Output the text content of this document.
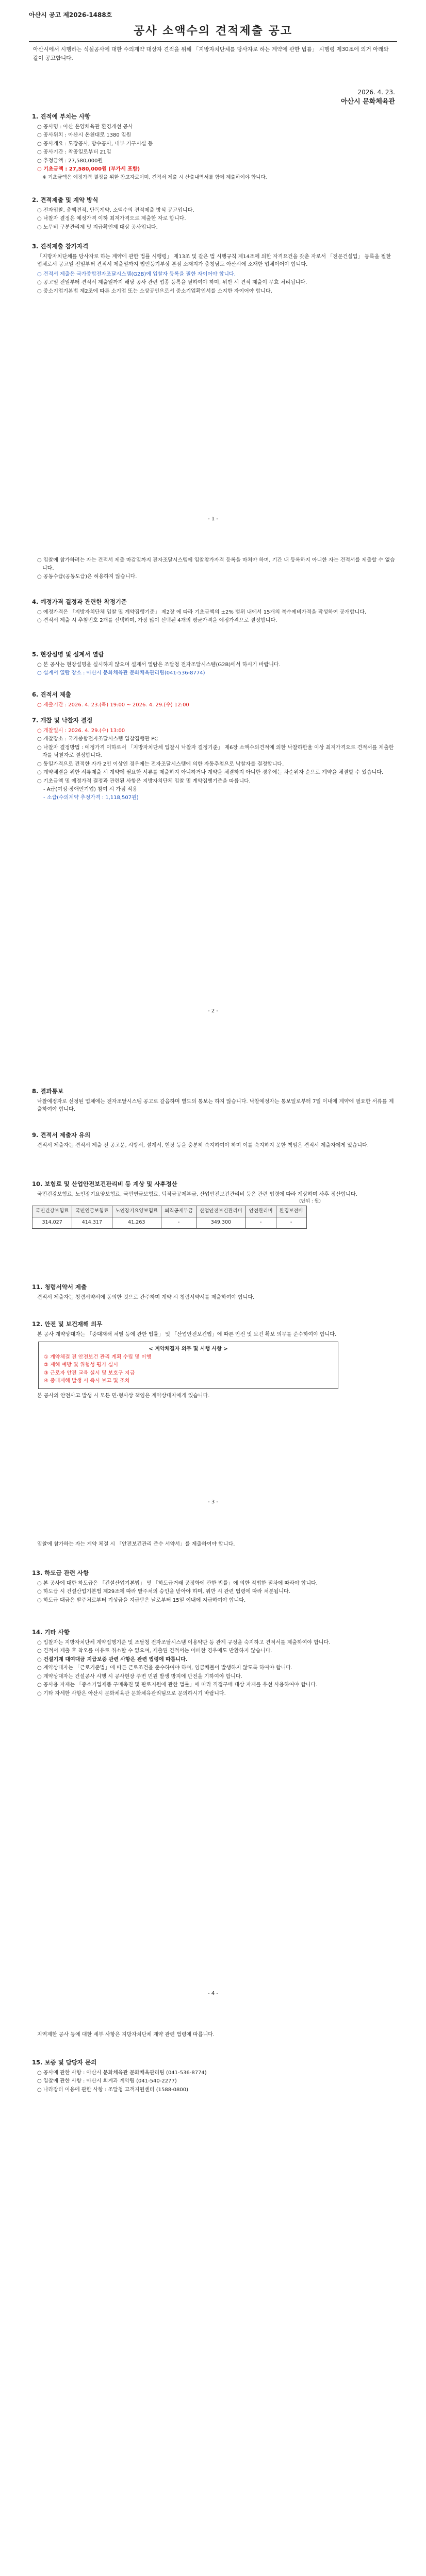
아산시 공고 제2026-1488호
공사 소액수의 견적제출 공고
아산시에서 시행하는 식설공사에 대한 수의계약 대상자 견적을 위해 「지방자치단체를 당사자로 하는 계약에 관한 법률」 시행령 제30조에 의거 아래와 같이 공고합니다.
2026. 4. 23.
아산시 문화체육관
1. 견적에 부치는 사항
○ 공사명 : 아산 온양체육관 환경개선 공사
○ 공사위치 : 아산시 온천대로 1380 일원
○ 공사개요 : 도장공사, 방수공사, 내부 기구시설 등
○ 공사기간 : 착공일로부터 21일
○ 추정금액 : 27,580,000원
○ 기초금액 : 27,580,000원 (부가세 포함)

※ 기초금액은 예정가격 결정을 위한 참고자료이며, 견적서 제출 시 산출내역서를 함께 제출하여야 합니다.

2. 견적제출 및 계약 방식
○ 전자입찰, 총액견적, 단독계약, 소액수의 견적제출 방식 공고입니다.
○ 낙찰자 결정은 예정가격 이하 최저가격으로 제출한 자로 합니다.
○ 노무비 구분관리제 및 지급확인제 대상 공사입니다.
3. 견적제출 참가자격

「지방자치단체를 당사자로 하는 계약에 관한 법률 시행령」 제13조 및 같은 법 시행규칙 제14조에 의한 자격요건을 갖춘 자로서 「전문건설업」 등록을 필한 업체로서 공고일 전일부터 견적서 제출일까지 법인등기부상 본점 소재지가 충청남도 아산시에 소재한 업체이어야 합니다.

○ 견적서 제출은 국가종합전자조달시스템(G2B)에 입찰자 등록을 필한 자이어야 합니다.
○ 공고일 전일부터 견적서 제출일까지 해당 공사 관련 업종 등록을 필하여야 하며, 위반 시 견적 제출이 무효 처리됩니다.
○ 중소기업기본법 제2조에 따른 소기업 또는 소상공인으로서 중소기업확인서를 소지한 자이어야 합니다.
- 1 -
○ 입찰에 참가하려는 자는 견적서 제출 마감일까지 전자조달시스템에 입찰참가자격 등록을 마쳐야 하며, 기간 내 등록하지 아니한 자는 견적서를 제출할 수 없습니다.
○ 공동수급(공동도급)은 허용하지 않습니다.
4. 예정가격 결정과 관련한 착정기준
○ 예정가격은 「지방자치단체 입찰 및 계약집행기준」 제2장 에 따라 기초금액의 ±2% 범위 내에서 15개의 복수예비가격을 작성하여 공개합니다.
○ 견적서 제출 시 추첨번호 2개를 선택하며, 가장 많이 선택된 4개의 평균가격을 예정가격으로 결정합니다.
5. 현장설명 및 설계서 열람
○ 본 공사는 현장설명을 실시하지 않으며 설계서 열람은 조달청 전자조달시스템(G2B)에서 하시기 바랍니다.
○ 설계서 열람 장소 : 아산시 문화체육관 문화체육관리팀(041-536-8774)
6. 견적서 제출
○ 제출기간 : 2026. 4. 23.(목) 19:00 ~ 2026. 4. 29.(수) 12:00
7. 개찰 및 낙찰자 결정
○ 개찰일시 : 2026. 4. 29.(수) 13:00
○ 개찰장소 : 국가종합전자조달시스템 입찰집행관 PC
○ 낙찰자 결정방법 : 예정가격 이하로서 「지방자치단체 입찰시 낙찰자 결정기준」 제6장 소액수의견적에 의한 낙찰하한율 이상 최저가격으로 견적서를 제출한 자를 낙찰자로 결정합니다.
○ 동일가격으로 견적한 자가 2인 이상인 경우에는 전자조달시스템에 의한 자동추첨으로 낙찰자를 결정합니다.
○ 계약체결을 위한 서류제출 시 계약에 필요한 서류를 제출하지 아니하거나 계약을 체결하지 아니한 경우에는 차순위자 순으로 계약을 체결할 수 있습니다.
○ 기초금액 및 예정가격 결정과 관련된 사항은 지방자치단체 입찰 및 계약집행기준을 따릅니다.
- A급(여성·장애인기업) 참여 시 가점 적용
- 소급(수의계약 추정가격 : 1,118,507원)
- 2 -
8. 결과통보

낙찰예정자로 선정된 업체에는 전자조달시스템 공고로 갈음하며 별도의 통보는 하지 않습니다. 낙찰예정자는 통보일로부터 7일 이내에 계약에 필요한 서류를 제출하여야 합니다.

9. 견적서 제출자 유의

견적서 제출자는 견적서 제출 전 공고문, 시방서, 설계서, 현장 등을 충분히 숙지하여야 하며 이를 숙지하지 못한 책임은 견적서 제출자에게 있습니다.

10. 보험료 및 산업안전보건관리비 등 계상 및 사후정산

국민건강보험료, 노인장기요양보험료, 국민연금보험료, 퇴직금공제부금, 산업안전보건관리비 등은 관련 법령에 따라 계상하며 사후 정산합니다.

(단위 : 원)
국민건강보험료	국민연금보험료	노인장기요양보험료	퇴직공제부금	산업안전보건관리비	안전관리비	환경보전비
314,027	414,317	41,263	-	349,300	-	-
11. 청렴서약서 제출

견적서 제출자는 청렴서약서에 동의한 것으로 간주하며 계약 시 청렴서약서를 제출하여야 합니다.

12. 안전 및 보건재해 의무

본 공사 계약상대자는 「중대재해 처벌 등에 관한 법률」 및 「산업안전보건법」에 따른 안전 및 보건 확보 의무를 준수하여야 합니다.

< 계약체결자 의무 및 시행 사항 >
① 계약체결 전 안전보건 관리 계획 수립 및 이행
② 재해 예방 및 위험성 평가 실시
③ 근로자 안전 교육 실시 및 보호구 지급
④ 중대재해 발생 시 즉시 보고 및 조치

본 공사의 안전사고 발생 시 모든 민·형사상 책임은 계약상대자에게 있습니다.

- 3 -

입찰에 참가하는 자는 계약 체결 시 「안전보건관리 준수 서약서」를 제출하여야 합니다.

13. 하도급 관련 사항
○ 본 공사에 대한 하도급은 「건설산업기본법」 및 「하도급거래 공정화에 관한 법률」에 의한 적법한 절차에 따라야 합니다.
○ 하도급 시 건설산업기본법 제29조에 따라 발주처의 승인을 받아야 하며, 위반 시 관련 법령에 따라 처분됩니다.
○ 하도급 대금은 발주처로부터 기성금을 지급받은 날로부터 15일 이내에 지급하여야 합니다.
14. 기타 사항
○ 입찰자는 지방자치단체 계약집행기준 및 조달청 전자조달시스템 이용약관 등 관계 규정을 숙지하고 견적서를 제출하여야 합니다.
○ 견적서 제출 후 착오를 이유로 취소할 수 없으며, 제출된 견적서는 어떠한 경우에도 반환하지 않습니다.
○ 건설기계 대여대금 지급보증 관련 사항은 관련 법령에 따릅니다.
○ 계약상대자는 「근로기준법」에 따른 근로조건을 준수하여야 하며, 임금체불이 발생하지 않도록 하여야 합니다.
○ 계약상대자는 건설공사 시행 시 공사현장 주변 민원 발생 방지에 만전을 기하여야 합니다.
○ 공사용 자재는 「중소기업제품 구매촉진 및 판로지원에 관한 법률」에 따라 직접구매 대상 자재를 우선 사용하여야 합니다.
○ 기타 자세한 사항은 아산시 문화체육관 문화체육관리팀으로 문의하시기 바랍니다.
- 4 -

지역제한 공사 등에 대한 세부 사항은 지방자치단체 계약 관련 법령에 따릅니다.

15. 보증 및 담당자 문의
○ 공사에 관한 사항 : 아산시 문화체육관 문화체육관리팀 (041-536-8774)
○ 입찰에 관한 사항 : 아산시 회계과 계약팀 (041-540-2277)
○ 나라장터 이용에 관한 사항 : 조달청 고객지원센터 (1588-0800)
